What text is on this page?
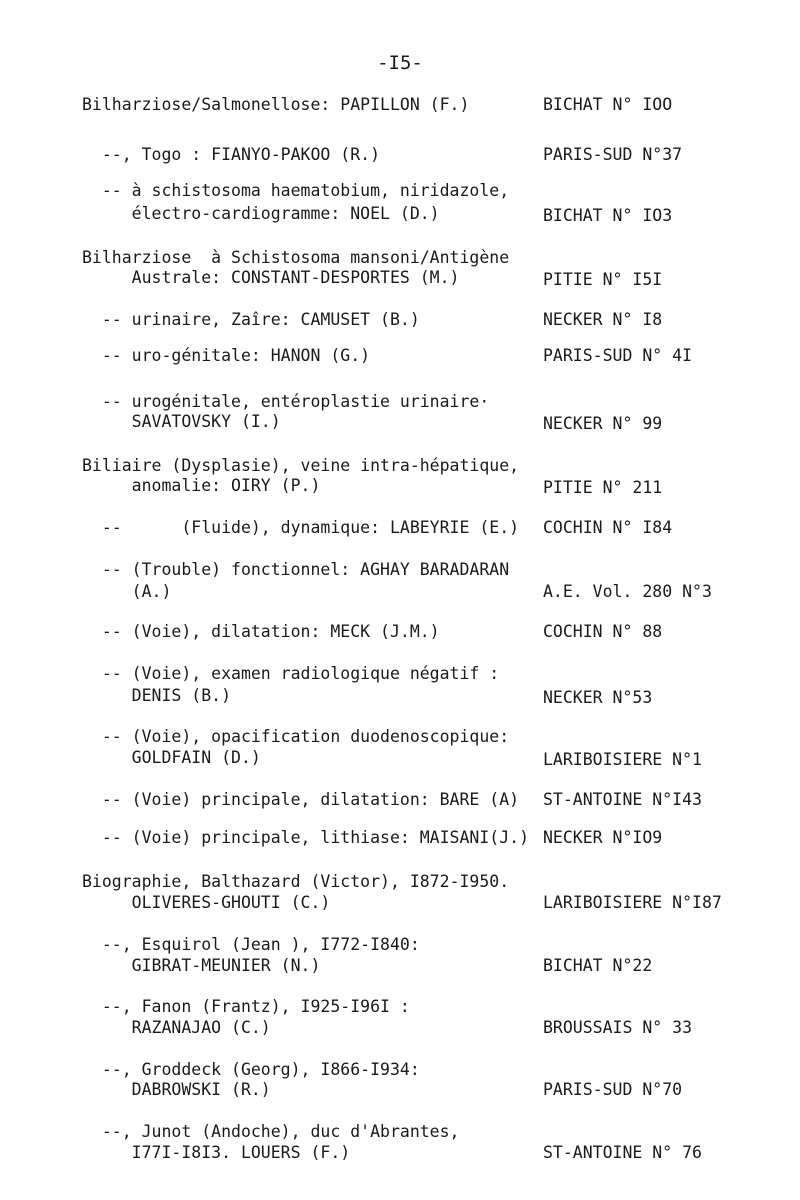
-I5-
Bilharziose/Salmonellose: PAPILLON (F.)	BICHAT N° IOO
--, Togo : FIANYO-PAKOO (R.)	PARIS-SUD N°37
-- à schistosoma haematobium, niridazole,
électro-cardiogramme: NOEL (D.)	BICHAT N° IO3
Bilharziose  à Schistosoma mansoni/Antigène
Australe: CONSTANT-DESPORTES (M.)	PITIE N° I5I
-- urinaire, Zaîre: CAMUSET (B.)	NECKER N° I8
-- uro-génitale: HANON (G.)	PARIS-SUD N° 4I
-- urogénitale, entéroplastie urinaire·
SAVATOVSKY (I.)	NECKER N° 99
Biliaire (Dysplasie), veine intra-hépatique,
anomalie: OIRY (P.)	PITIE N° 211
--      (Fluide), dynamique: LABEYRIE (E.) COCHIN N° I84
-- (Trouble) fonctionnel: AGHAY BARADARAN
(A.)	A.E. Vol. 280 N°3
-- (Voie), dilatation: MECK (J.M.)	COCHIN N° 88
-- (Voie), examen radiologique négatif :
DENIS (B.)	NECKER N°53
-- (Voie), opacification duodenoscopique:
GOLDFAIN (D.)	LARIBOISIERE N°1
-- (Voie) principale, dilatation: BARE (A) ST-ANTOINE N°I43
-- (Voie) principale, lithiase: MAISANI(J.) NECKER N°IO9
Biographie, Balthazard (Victor), I872-I950.
OLIVERES-GHOUTI (C.)	LARIBOISIERE N°I87
--, Esquirol (Jean ), I772-I840:
GIBRAT-MEUNIER (N.)	BICHAT N°22
--, Fanon (Frantz), I925-I96I :
RAZANAJAO (C.)	BROUSSAIS N° 33
--, Groddeck (Georg), I866-I934:
DABROWSKI (R.)	PARIS-SUD N°70
--, Junot (Andoche), duc d'Abrantes,
I77I-I8I3. LOUERS (F.)	ST-ANTOINE N° 76
